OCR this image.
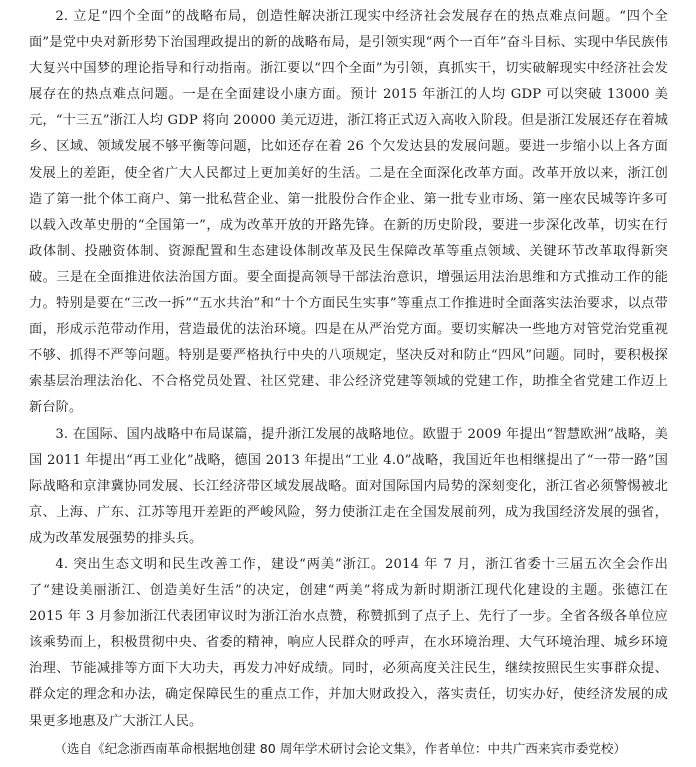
2. 立足“四个全面”的战略布局，创造性解决浙江现实中经济社会发展存在的热点难点问题。“四个全面”是党中央对新形势下治国理政提出的新的战略布局，是引领实现“两个一百年”奋斗目标、实现中华民族伟大复兴中国梦的理论指导和行动指南。浙江要以“四个全面”为引领，真抓实干，切实破解现实中经济社会发展存在的热点难点问题。一是在全面建设小康方面。预计 2015 年浙江的人均 GDP 可以突破 13000 美元，“十三五”浙江人均 GDP 将向 20000 美元迈进，浙江将正式迈入高收入阶段。但是浙江发展还存在着城乡、区域、领域发展不够平衡等问题，比如还存在着 26 个欠发达县的发展问题。要进一步缩小以上各方面发展上的差距，使全省广大人民都过上更加美好的生活。二是在全面深化改革方面。改革开放以来，浙江创造了第一批个体工商户、第一批私营企业、第一批股份合作企业、第一批专业市场、第一座农民城等许多可以载入改革史册的“全国第一”，成为改革开放的开路先锋。在新的历史阶段，要进一步深化改革，切实在行政体制、投融资体制、资源配置和生态建设体制改革及民生保障改革等重点领域、关键环节改革取得新突破。三是在全面推进依法治国方面。要全面提高领导干部法治意识，增强运用法治思维和方式推动工作的能力。特别是要在“三改一拆”“五水共治”和“十个方面民生实事”等重点工作推进时全面落实法治要求，以点带面，形成示范带动作用，营造最优的法治环境。四是在从严治党方面。要切实解决一些地方对管党治党重视不够、抓得不严等问题。特别是要严格执行中央的八项规定，坚决反对和防止“四风”问题。同时，要积极探索基层治理法治化、不合格党员处置、社区党建、非公经济党建等领域的党建工作，助推全省党建工作迈上新台阶。

3. 在国际、国内战略中布局谋篇，提升浙江发展的战略地位。欧盟于 2009 年提出“智慧欧洲”战略，美国 2011 年提出“再工业化”战略，德国 2013 年提出“工业 4.0”战略，我国近年也相继提出了“一带一路”国际战略和京津冀协同发展、长江经济带区域发展战略。面对国际国内局势的深刻变化，浙江省必须警惕被北京、上海、广东、江苏等甩开差距的严峻风险，努力使浙江走在全国发展前列，成为我国经济发展的强省，成为改革发展强势的排头兵。

4. 突出生态文明和民生改善工作，建设“两美”浙江。2014 年 7 月，浙江省委十三届五次全会作出了“建设美丽浙江、创造美好生活”的决定，创建“两美”将成为新时期浙江现代化建设的主题。张德江在 2015 年 3 月参加浙江代表团审议时为浙江治水点赞，称赞抓到了点子上、先行了一步。全省各级各单位应该乘势而上，积极贯彻中央、省委的精神，响应人民群众的呼声，在水环境治理、大气环境治理、城乡环境治理、节能减排等方面下大功夫，再发力冲好成绩。同时，必须高度关注民生，继续按照民生实事群众提、群众定的理念和办法，确定保障民生的重点工作，并加大财政投入，落实责任，切实办好，使经济发展的成果更多地惠及广大浙江人民。

（选自《纪念浙西南革命根据地创建 80 周年学术研讨会论文集》，作者单位：中共广西来宾市委党校）
